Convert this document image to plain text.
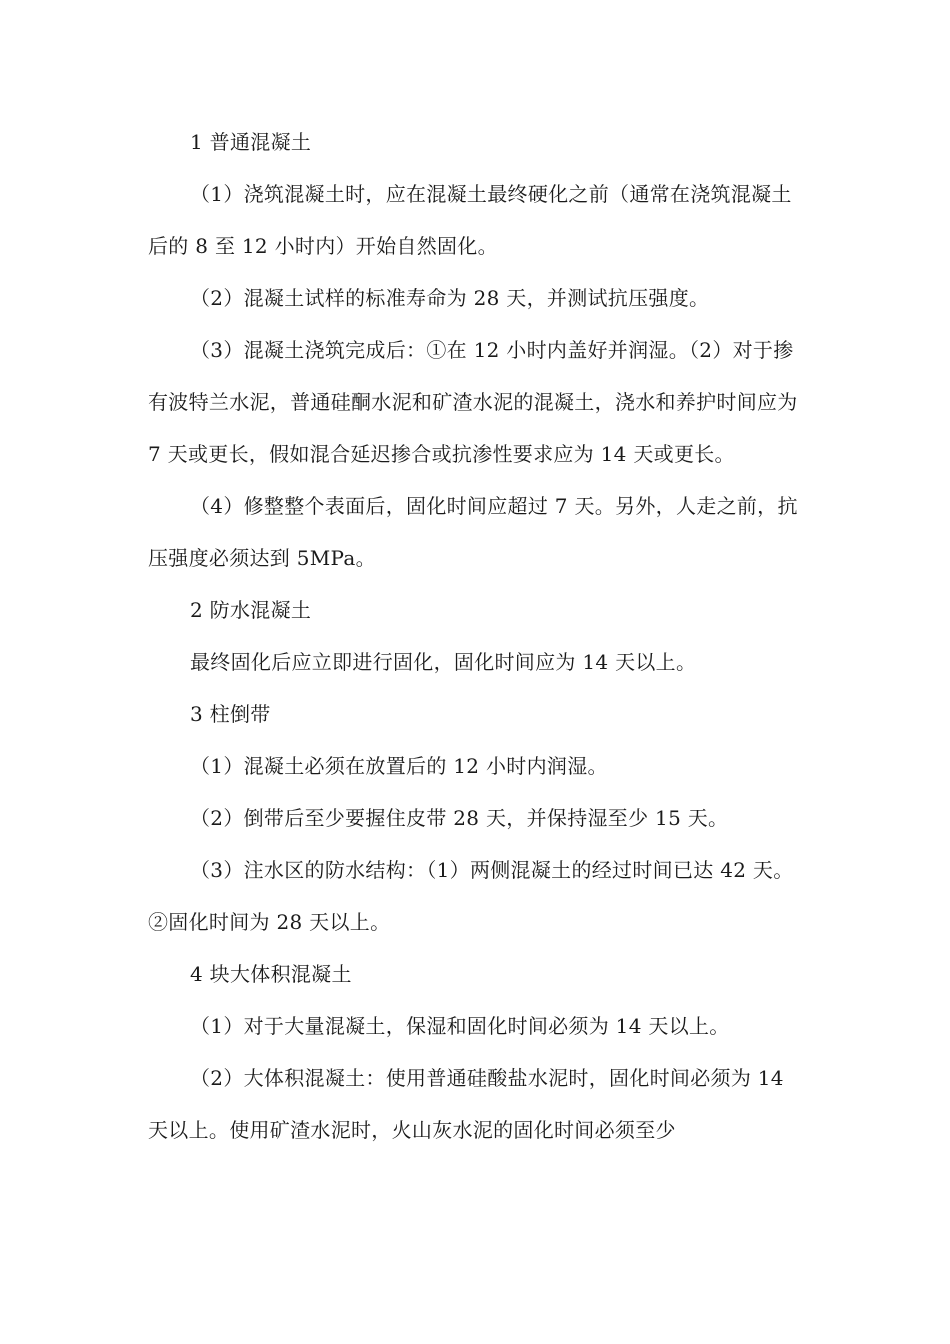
1 普通混凝土

（1）浇筑混凝土时，应在混凝土最终硬化之前（通常在浇筑混凝土后的 8 至 12 小时内）开始自然固化。

（2）混凝土试样的标准寿命为 28 天，并测试抗压强度。

（3）混凝土浇筑完成后：①在 12 小时内盖好并润湿。（2）对于掺有波特兰水泥，普通硅酮水泥和矿渣水泥的混凝土，浇水和养护时间应为 7 天或更长，假如混合延迟掺合或抗渗性要求应为 14 天或更长。

（4）修整整个表面后，固化时间应超过 7 天。另外，人走之前，抗压强度必须达到 5MPa。

2 防水混凝土

最终固化后应立即进行固化，固化时间应为 14 天以上。

3 柱倒带

（1）混凝土必须在放置后的 12 小时内润湿。

（2）倒带后至少要握住皮带 28 天，并保持湿至少 15 天。

（3）注水区的防水结构：（1）两侧混凝土的经过时间已达 42 天。②固化时间为 28 天以上。

4 块大体积混凝土

（1）对于大量混凝土，保湿和固化时间必须为 14 天以上。

（2）大体积混凝土：使用普通硅酸盐水泥时，固化时间必须为 14 天以上。使用矿渣水泥时，火山灰水泥的固化时间必须至少
